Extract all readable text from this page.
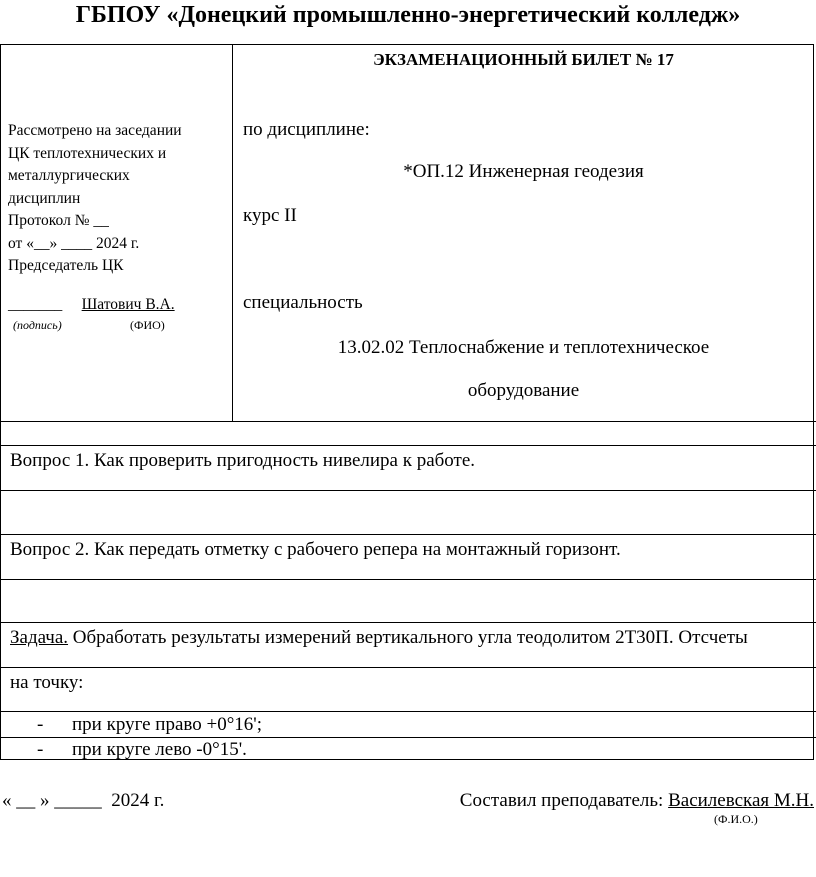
ГБПОУ «Донецкий промышленно-энергетический колледж»
Рассмотрено на заседании
ЦК теплотехнических и
металлургических
дисциплин
Протокол № __
от «__» ____ 2024 г.
Председатель ЦК
_______ Шатович В.А.
(подпись)	(ФИО)
ЭКЗАМЕНАЦИОННЫЙ БИЛЕТ № 17
по дисциплине:
*ОП.12 Инженерная геодезия
курс II
специальность
13.02.02 Теплоснабжение и теплотехническое
оборудование
Вопрос 1. Как проверить пригодность нивелира к работе.
Вопрос 2. Как передать отметку с рабочего репера на монтажный горизонт.
Задача. Обработать результаты измерений вертикального угла теодолитом 2Т30П. Отсчеты
на точку:
- при круге право +0°16';
- при круге лево -0°15'.
« __ » _____  2024 г.	Составил преподаватель: Василевская М.Н.
(Ф.И.О.)
